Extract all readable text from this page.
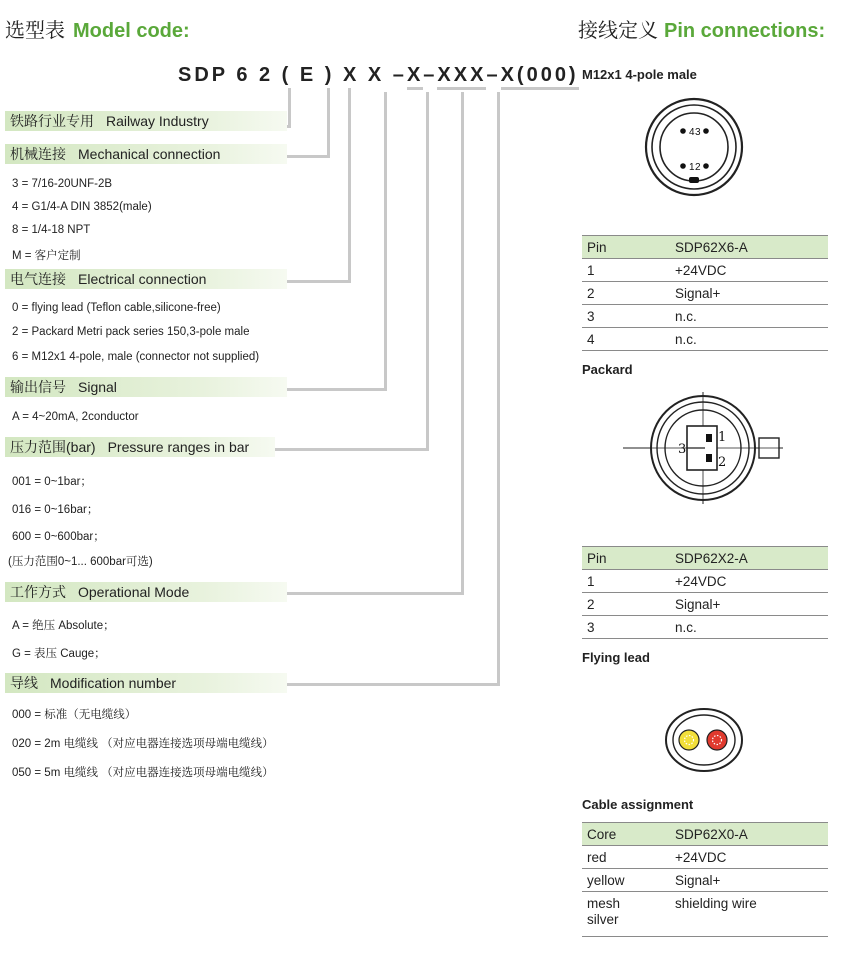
选型表 Model code:	接线定义 Pin connections:
SDP 6 2 ( E ) X X –X–XXX–X(000)
铁路行业专用 Railway Industry
机械连接 Mechanical connection
3 = 7/16-20UNF-2B
4 = G1/4-A DIN 3852(male)
8 = 1/4-18 NPT
M = 客户定制
电气连接 Electrical connection
0 = flying lead (Teflon cable,silicone-free)
2 = Packard Metri pack series 150,3-pole male
6 = M12x1 4-pole, male (connector not supplied)
输出信号 Signal
A = 4~20mA, 2conductor
压力范围(bar) Pressure ranges in bar
001 = 0~1bar；
016 = 0~16bar；
600 = 0~600bar；
(压力范围0~1... 600bar可选)
工作方式 Operational Mode
A = 绝压 Absolute；
G = 表压 Cauge；
导线 Modification number
000 = 标准（无电缆线）
020 = 2m 电缆线 （对应电器连接选项母端电缆线）
050 = 5m 电缆线 （对应电器连接选项母端电缆线）
M12x1 4-pole male
4 3
1 2
Pin	SDP62X6-A
1	+24VDC
2	Signal+
3	n.c.
4	n.c.
Packard
1
2
3
Pin	SDP62X2-A
1	+24VDC
2	Signal+
3	n.c.
Flying lead
Cable assignment
Core	SDP62X0-A
red	+24VDC
yellow	Signal+
mesh
silver	shielding wire
